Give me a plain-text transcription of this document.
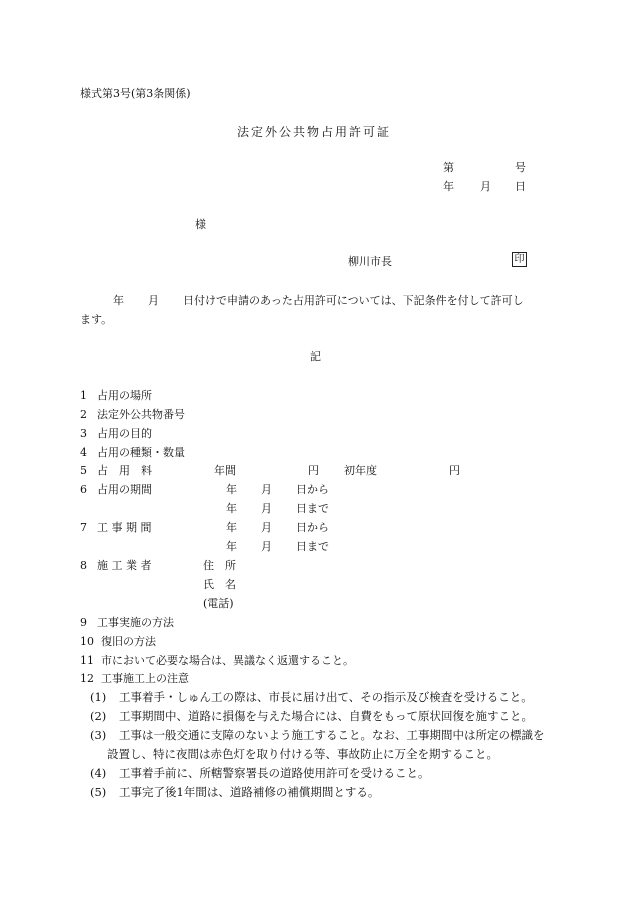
様式第3号(第3条関係)
法定外公共物占用許可証
第	号
年 月 日
様
柳川市長	印
年 月 日付けで申請のあった占用許可については、下記条件を付して許可し
ます。
記
1 占用の場所
2 法定外公共物番号
3 占用の目的
4 占用の種類・数量
5 占　用　料	年間	円 初年度	円
6 占用の期間	年 月 日から
年 月 日まで
7 工 事 期 間	年 月 日から
年 月 日まで
8 施 工 業 者	住　所
氏　名
(電話)
9 工事実施の方法
10 復旧の方法
11 市において必要な場合は、異議なく返還すること。
12 工事施工上の注意
(1) 工事着手・しゅん工の際は、市長に届け出て、その指示及び検査を受けること。
(2) 工事期間中、道路に損傷を与えた場合には、自費をもって原状回復を施すこと。
(3) 工事は一般交通に支障のないよう施工すること。なお、工事期間中は所定の標識を
設置し、特に夜間は赤色灯を取り付ける等、事故防止に万全を期すること。
(4) 工事着手前に、所轄警察署長の道路使用許可を受けること。
(5) 工事完了後1年間は、道路補修の補償期間とする。
